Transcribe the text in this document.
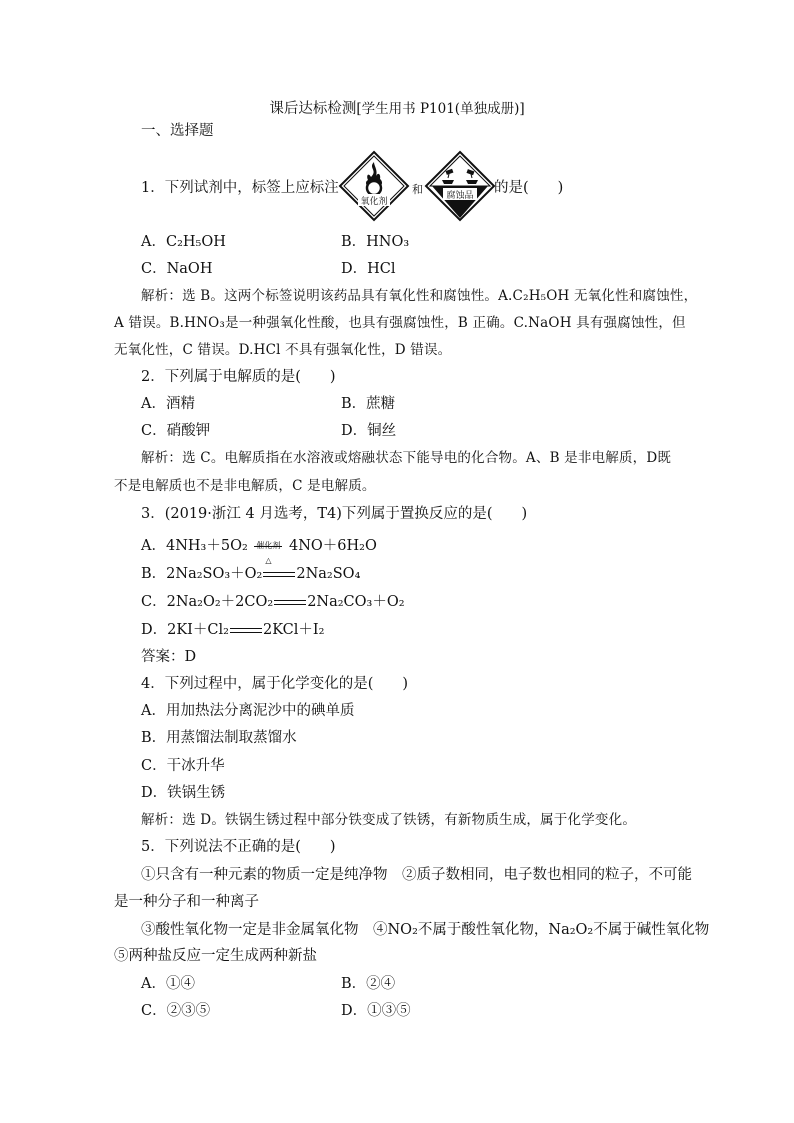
课后达标检测[学生用书 P101(单独成册)]
一、选择题
1．下列试剂中，标签上应标注
氧化剂
和	腐蚀品 的是(　　)
A．C₂H₅OH	B．HNO₃
C．NaOH	D．HCl
解析：选 B。这两个标签说明该药品具有氧化性和腐蚀性。A.C₂H₅OH 无氧化性和腐蚀性，
A 错误。B.HNO₃是一种强氧化性酸，也具有强腐蚀性，B 正确。C.NaOH 具有强腐蚀性，但
无氧化性，C 错误。D.HCl 不具有强氧化性，D 错误。
2．下列属于电解质的是(　　)
A．酒精	B．蔗糖
C．硝酸钾	D．铜丝
解析：选 C。电解质指在水溶液或熔融状态下能导电的化合物。A、B 是非电解质，D既
不是电解质也不是非电解质，C 是电解质。
3．(2019·浙江 4 月选考，T4)下列属于置换反应的是(　　)
A．4NH₃＋5O₂ 催化剂
△
4NO＋6H₂O
B．2Na₂SO₃＋O₂ 2Na₂SO₄
C．2Na₂O₂＋2CO₂ 2Na₂CO₃＋O₂
D．2KI＋Cl₂ 2KCl＋I₂
答案：D
4．下列过程中，属于化学变化的是(　　)
A．用加热法分离泥沙中的碘单质
B．用蒸馏法制取蒸馏水
C．干冰升华
D．铁锅生锈
解析：选 D。铁锅生锈过程中部分铁变成了铁锈，有新物质生成，属于化学变化。
5．下列说法不正确的是(　　)
①只含有一种元素的物质一定是纯净物　②质子数相同，电子数也相同的粒子，不可能
是一种分子和一种离子
③酸性氧化物一定是非金属氧化物　④NO₂不属于酸性氧化物，Na₂O₂不属于碱性氧化物
⑤两种盐反应一定生成两种新盐
A．①④	B．②④
C．②③⑤	D．①③⑤
